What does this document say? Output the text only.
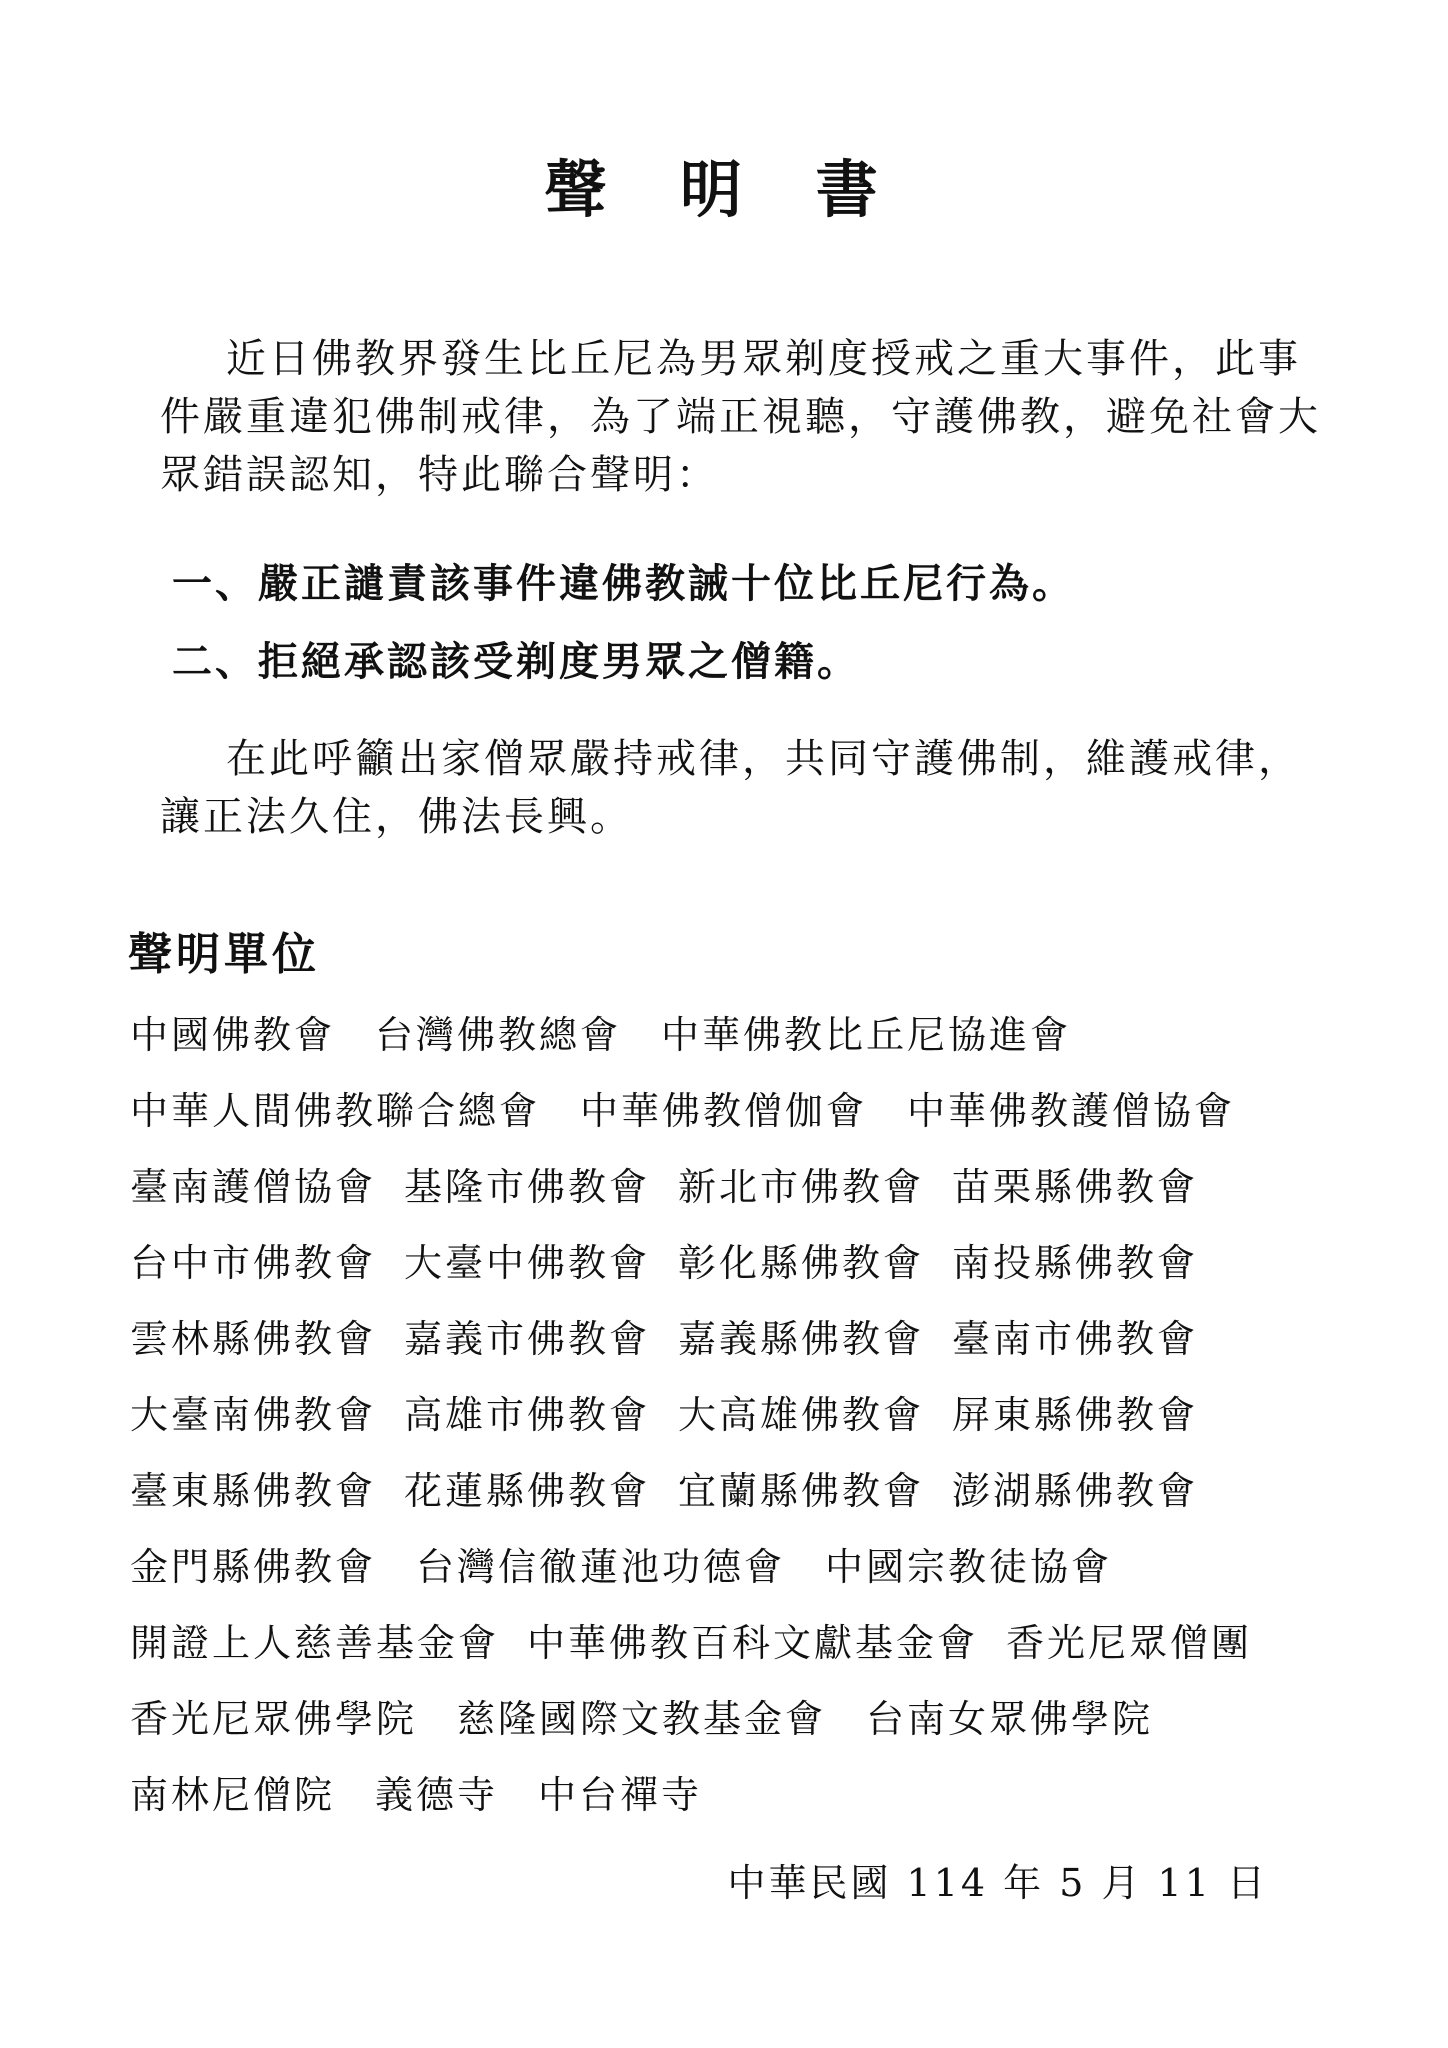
聲 明 書
近日佛教界發生比丘尼為男眾剃度授戒之重大事件，此事
件嚴重違犯佛制戒律，為了端正視聽，守護佛教，避免社會大
眾錯誤認知，特此聯合聲明：
一、嚴正譴責該事件違佛教誡十位比丘尼行為。
二、拒絕承認該受剃度男眾之僧籍。
在此呼籲出家僧眾嚴持戒律，共同守護佛制，維護戒律，
讓正法久住，佛法長興。
聲明單位
中國佛教會 台灣佛教總會 中華佛教比丘尼協進會
中華人間佛教聯合總會 中華佛教僧伽會 中華佛教護僧協會
臺南護僧協會 基隆市佛教會 新北市佛教會 苗栗縣佛教會
台中市佛教會 大臺中佛教會 彰化縣佛教會 南投縣佛教會
雲林縣佛教會 嘉義市佛教會 嘉義縣佛教會 臺南市佛教會
大臺南佛教會 高雄市佛教會 大高雄佛教會 屏東縣佛教會
臺東縣佛教會 花蓮縣佛教會 宜蘭縣佛教會 澎湖縣佛教會
金門縣佛教會 台灣信徹蓮池功德會 中國宗教徒協會
開證上人慈善基金會 中華佛教百科文獻基金會 香光尼眾僧團
香光尼眾佛學院 慈隆國際文教基金會 台南女眾佛學院
南林尼僧院 義德寺 中台禪寺
中華民國 114 年 5 月 11 日
